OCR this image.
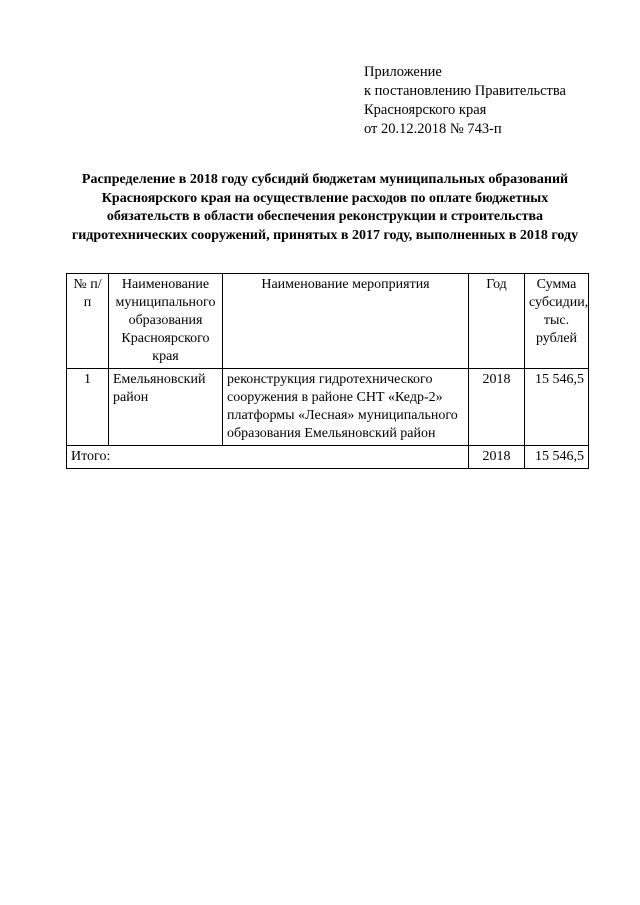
Приложение
к постановлению Правительства
Красноярского края
от 20.12.2018 № 743-п
Распределение в 2018 году субсидий бюджетам муниципальных образований Красноярского края на осуществление расходов по оплате бюджетных обязательств в области обеспечения реконструкции и строительства гидротехнических сооружений, принятых в 2017 году, выполненных в 2018 году
№ п/п	Наименование муниципального образования Красноярского края	Наименование мероприятия	Год	Сумма субсидии, тыс. рублей
1	Емельяновский район	реконструкция гидротехнического сооружения в районе СНТ «Кедр-2» платформы «Лесная» муниципального образования Емельяновский район	2018	15 546,5
Итого:			2018	15 546,5
